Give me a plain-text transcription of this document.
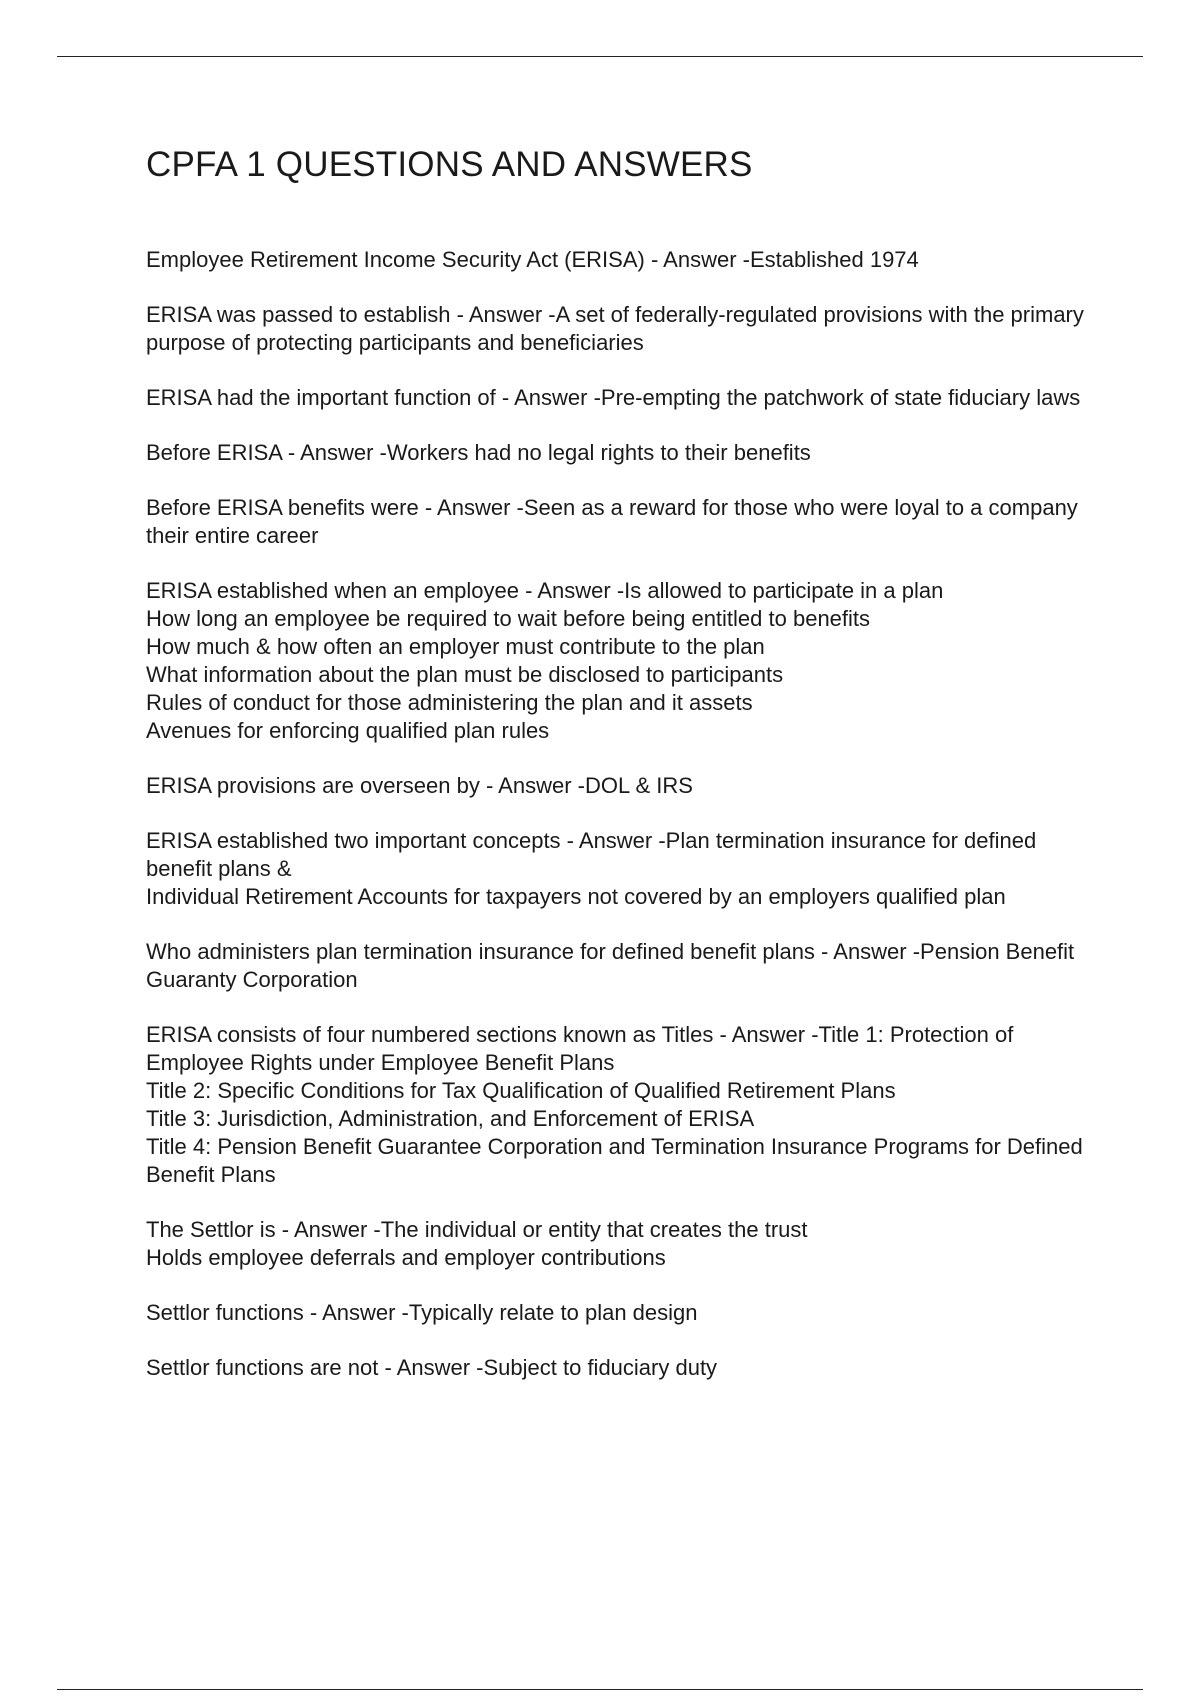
CPFA 1 QUESTIONS AND ANSWERS

Employee Retirement Income Security Act (ERISA) - Answer -Established 1974

ERISA was passed to establish - Answer -A set of federally-regulated provisions with the primary purpose of protecting participants and beneficiaries

ERISA had the important function of - Answer -Pre-empting the patchwork of state fiduciary laws

Before ERISA - Answer -Workers had no legal rights to their benefits

Before ERISA benefits were - Answer -Seen as a reward for those who were loyal to a company their entire career

ERISA established when an employee - Answer -Is allowed to participate in a plan

How long an employee be required to wait before being entitled to benefits

How much & how often an employer must contribute to the plan

What information about the plan must be disclosed to participants

Rules of conduct for those administering the plan and it assets

Avenues for enforcing qualified plan rules

ERISA provisions are overseen by - Answer -DOL & IRS

ERISA established two important concepts - Answer -Plan termination insurance for defined benefit plans &

Individual Retirement Accounts for taxpayers not covered by an employers qualified plan

Who administers plan termination insurance for defined benefit plans - Answer -Pension Benefit Guaranty Corporation

ERISA consists of four numbered sections known as Titles - Answer -Title 1: Protection of Employee Rights under Employee Benefit Plans

Title 2: Specific Conditions for Tax Qualification of Qualified Retirement Plans

Title 3: Jurisdiction, Administration, and Enforcement of ERISA

Title 4: Pension Benefit Guarantee Corporation and Termination Insurance Programs for Defined Benefit Plans

The Settlor is - Answer -The individual or entity that creates the trust

Holds employee deferrals and employer contributions

Settlor functions - Answer -Typically relate to plan design

Settlor functions are not - Answer -Subject to fiduciary duty
